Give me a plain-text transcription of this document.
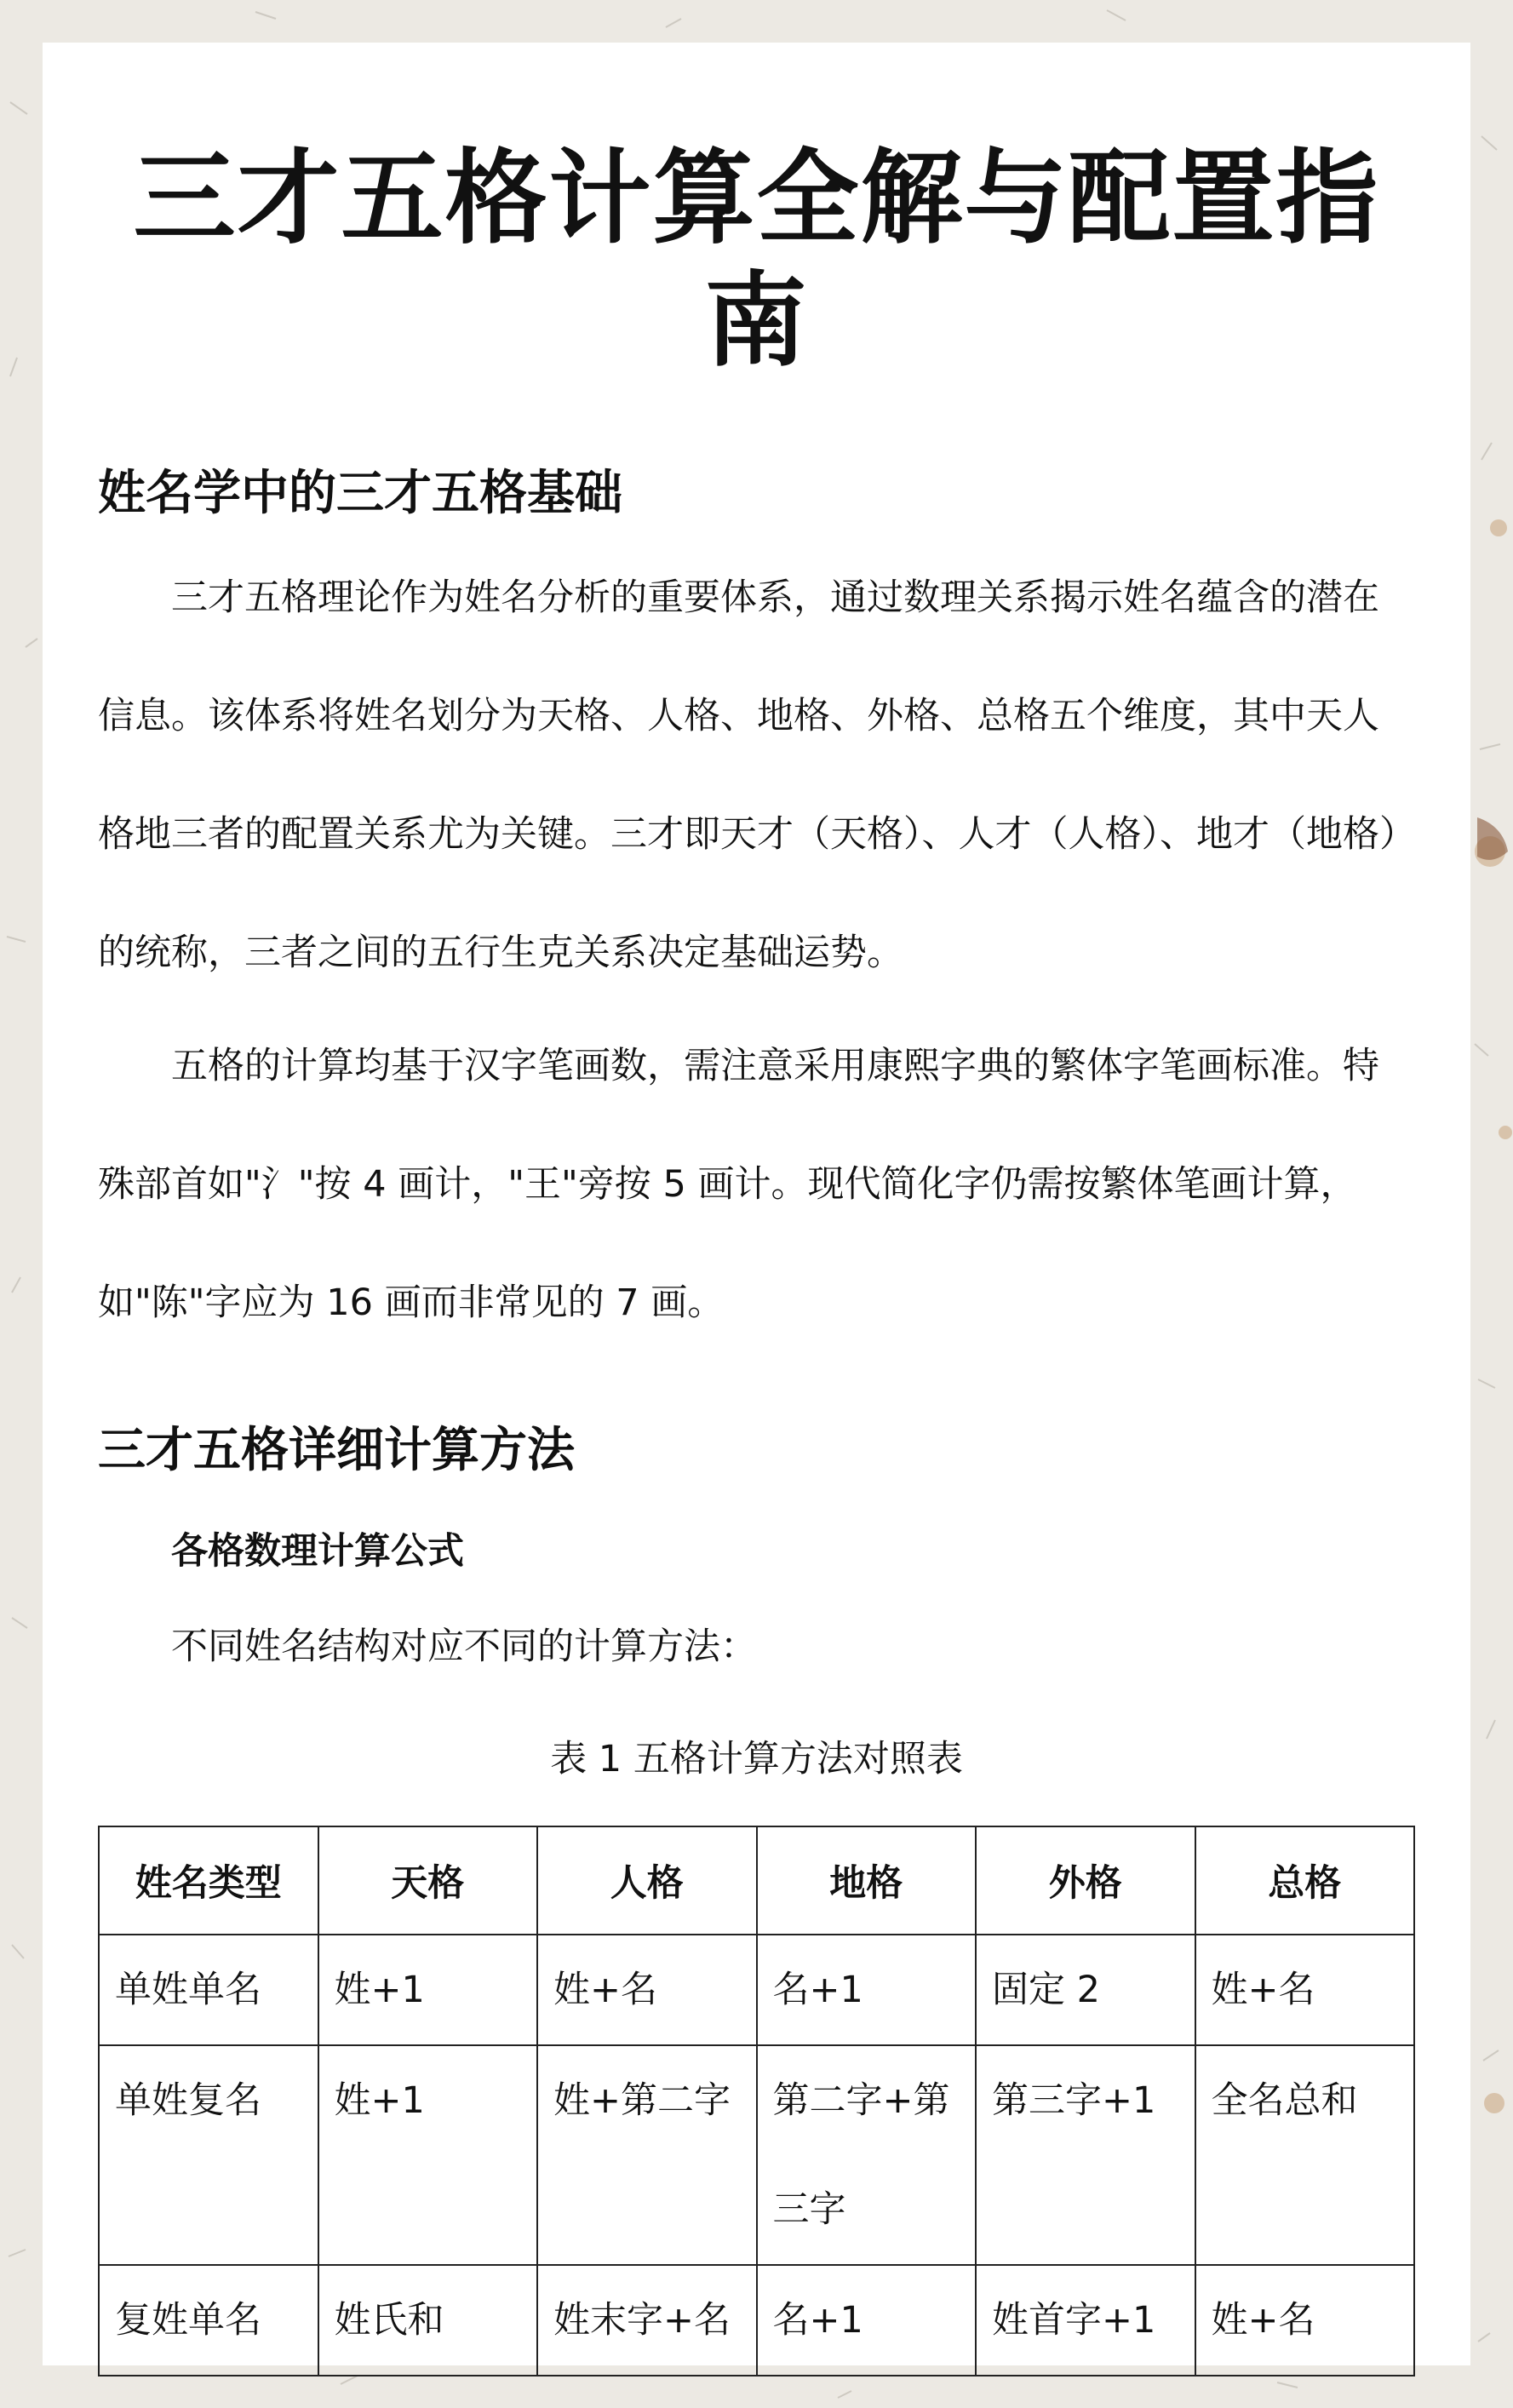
三才五格计算全解与配置指南
姓名学中的三才五格基础

三才五格理论作为姓名分析的重要体系，通过数理关系揭示姓名蕴含的潜在信息。该体系将姓名划分为天格、人格、地格、外格、总格五个维度，其中天人格地三者的配置关系尤为关键。三才即天才（天格）、人才（人格）、地才（地格）的统称，三者之间的五行生克关系决定基础运势。

五格的计算均基于汉字笔画数，需注意采用康熙字典的繁体字笔画标准。特殊部首如"氵"按 4 画计，"王"旁按 5 画计。现代简化字仍需按繁体笔画计算，如"陈"字应为 16 画而非常见的 7 画。

三才五格详细计算方法
各格数理计算公式

不同姓名结构对应不同的计算方法：

表 1 五格计算方法对照表

姓名类型	天格	人格	地格	外格	总格
单姓单名	姓+1	姓+名	名+1	固定 2	姓+名
单姓复名	姓+1	姓+第二字	第二字+第三字	第三字+1	全名总和
复姓单名	姓氏和	姓末字+名	名+1	姓首字+1	姓+名
